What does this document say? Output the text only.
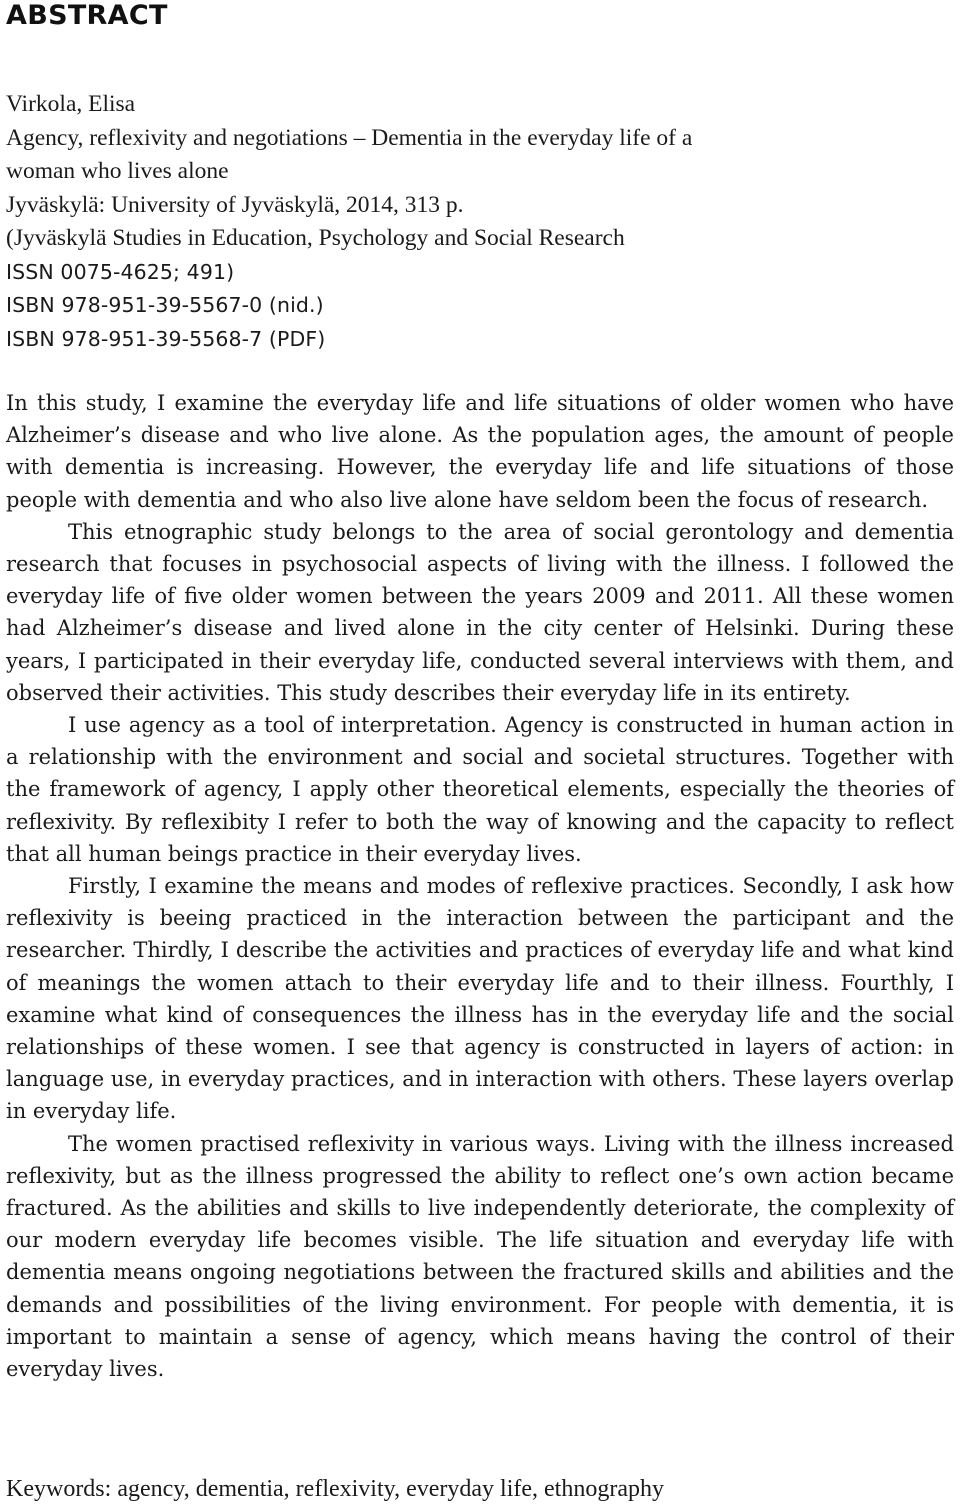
ABSTRACT
Virkola, Elisa
Agency, reflexivity and negotiations – Dementia in the everyday life of a
woman who lives alone
Jyväskylä: University of Jyväskylä, 2014, 313 p.
(Jyväskylä Studies in Education, Psychology and Social Research
ISSN 0075-4625; 491)
ISBN 978-951-39-5567-0 (nid.)
ISBN 978-951-39-5568-7 (PDF)

In this study, I examine the everyday life and life situations of older women who have Alzheimer’s disease and who live alone. As the population ages, the amount of people with dementia is increasing. However, the everyday life and life situations of those people with dementia and who also live alone have seldom been the focus of research.

This etnographic study belongs to the area of social gerontology and dementia research that focuses in psychosocial aspects of living with the illness. I followed the everyday life of five older women between the years 2009 and 2011. All these women had Alzheimer’s disease and lived alone in the city center of Helsinki. During these years, I participated in their everyday life, conducted several interviews with them, and observed their activities. This study describes their everyday life in its entirety.

I use agency as a tool of interpretation. Agency is constructed in human action in a relationship with the environment and social and societal structures. Together with the framework of agency, I apply other theoretical elements, especially the theories of reflexivity. By reflexibity I refer to both the way of knowing and the capacity to reflect that all human beings practice in their everyday lives.

Firstly, I examine the means and modes of reflexive practices. Secondly, I ask how reflexivity is beeing practiced in the interaction between the participant and the researcher. Thirdly, I describe the activities and practices of everyday life and what kind of meanings the women attach to their everyday life and to their illness. Fourthly, I examine what kind of consequences the illness has in the everyday life and the social relationships of these women. I see that agency is constructed in layers of action: in language use, in everyday practices, and in interaction with others. These layers overlap in everyday life.

The women practised reflexivity in various ways. Living with the illness increased reflexivity, but as the illness progressed the ability to reflect one’s own action became fractured. As the abilities and skills to live independently deteriorate, the complexity of our modern everyday life becomes visible. The life situation and everyday life with dementia means ongoing negotiations between the fractured skills and abilities and the demands and possibilities of the living environment. For people with dementia, it is important to maintain a sense of agency, which means having the control of their everyday lives.

Keywords: agency, dementia, reflexivity, everyday life, ethnography
